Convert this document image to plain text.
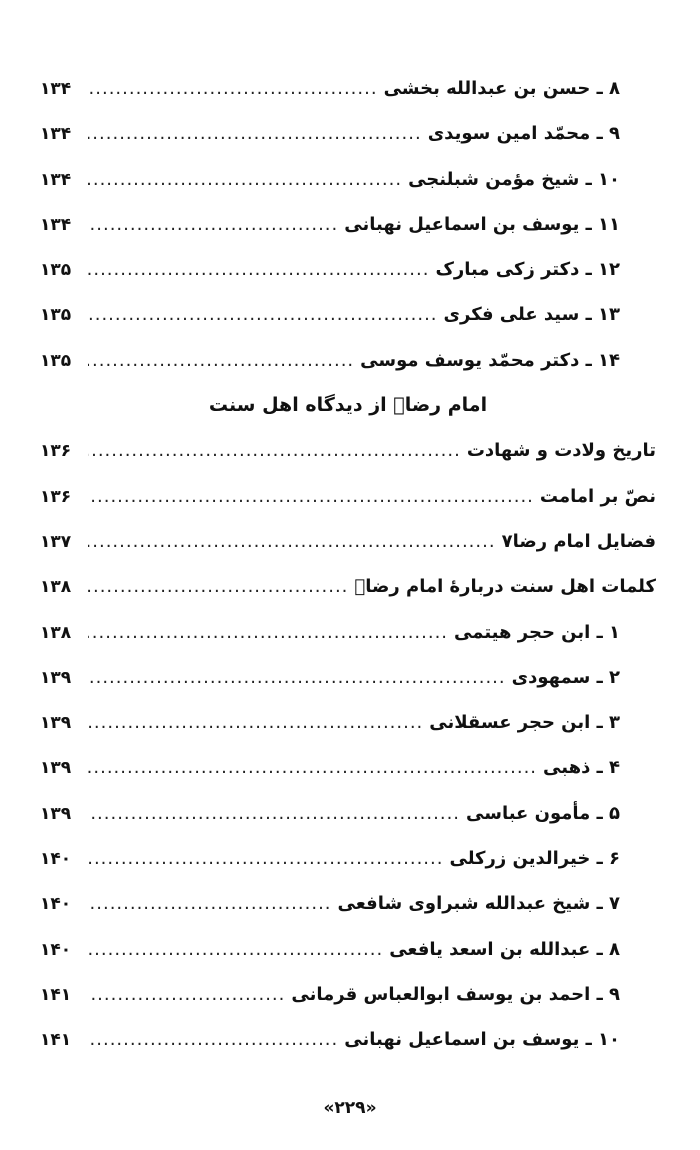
۸ ـ حسن بن عبدالله بخشی
.....
۱۳۴
۹ ـ محمّد امین سویدی
.....
۱۳۴
۱۰ ـ شیخ مؤمن شبلنجی
.....
۱۳۴
۱۱ ـ یوسف بن اسماعیل نهبانی
.....
۱۳۴
۱۲ ـ دکتر زکی مبارک
.....
۱۳۵
۱۳ ـ سید علی فکری
.....
۱۳۵
۱۴ ـ دکتر محمّد یوسف موسی
.....
۱۳۵
امام رضاؐ از دیدگاه اهل سنت
تاریخ ولادت و شهادت
.....
۱۳۶
نصّ بر امامت
.....
۱۳۶
فضایل امام رضا۷
.....
۱۳۷
کلمات اهل سنت دربارهٔ امام رضاؐ
.....
۱۳۸
۱ ـ ابن حجر هیتمی
.....
۱۳۸
۲ ـ سمهودی
.....
۱۳۹
۳ ـ ابن حجر عسقلانی
.....
۱۳۹
۴ ـ ذهبی
.....
۱۳۹
۵ ـ مأمون عباسی
.....
۱۳۹
۶ ـ خیرالدین زرکلی
.....
۱۴۰
۷ ـ شیخ عبدالله شبراوی شافعی
.....
۱۴۰
۸ ـ عبدالله بن اسعد یافعی
.....
۱۴۰
۹ ـ احمد بن یوسف ابوالعباس قرمانی
.....
۱۴۱
۱۰ ـ یوسف بن اسماعیل نهبانی
.....
۱۴۱
«۲۲۹»
